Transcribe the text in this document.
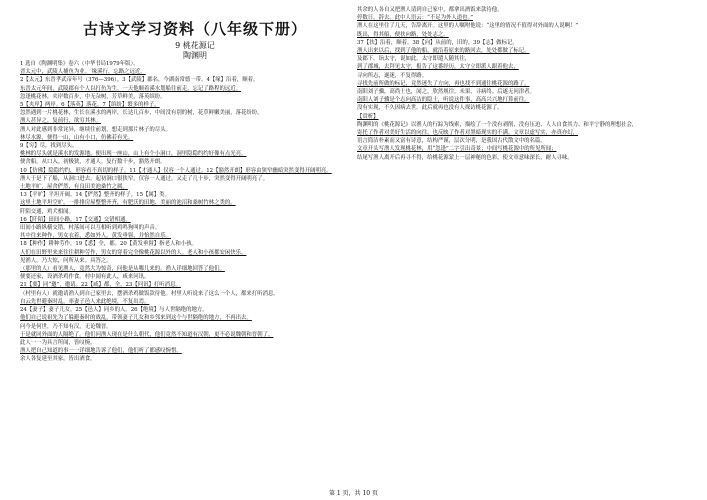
古诗文学习资料（八年级下册）
9 桃花源记
陶渊明
1 选自《陶渊明集》卷六（中华书局1979年版）。
晋太元中，武陵人捕鱼为业。 缘溪行，忘路之远近。
2【太元】东晋孝武帝年号（376—396）。3【武陵】郡名，今湖南常德一带。4【缘】沿着，顺着。
东晋太元年间，武陵郡有个人以打鱼为生。一天他顺着溪水划船往前走，忘记了路程的远近。
忽逢桃花林，夹岸数百步，中无杂树，芳草鲜美，落英缤纷。
5【夹岸】两岸。6【落英】落花。7【缤纷】繁多的样子。
忽然遇到一片桃花林，生长在溪水的两岸，长达几百步，中间没有别的树，花草鲜嫩美丽，落花纷纷。
渔人甚异之，复前行，欲穷其林。
渔人对此感到非常诧异，继续往前划，想走到那片林子的尽头。
林尽水源，便得一山，山有小口，仿佛若有光。
9【穷】尽，找到尽头。
桃林的尽头就是溪水的发源地，便出现一座山，山上有个小洞口，洞里隐隐约约好像有点光亮。
便舍船，从口入。初极狭，才通人。复行数十步，豁然开朗。
10【仿佛】隐隐约约，形容看不真切的样子。11【才通人】仅容一个人通过。12【豁然开朗】形容由狭窄幽暗突然变得开阔明亮。
渔人于是下了船，从洞口进去。起初洞口很狭窄，仅容一人通过。又走了几十步，突然变得开阔明亮了。
土地平旷，屋舍俨然，有良田美池桑竹之属。
13【平旷】平坦开阔。14【俨然】整齐的样子。15【属】类。
这里土地平坦空旷，一排排房屋整整齐齐，有肥沃的田地、美丽的池沼和桑树竹林之类的。
阡陌交通，鸡犬相闻。
16【阡陌】田间小路。17【交通】交错相通。
田间小路纵横交错，村落间可以互相听到鸡鸣狗叫的声音。
其中往来种作，男女衣着，悉如外人。黄发垂髫，并怡然自乐。
18【种作】耕种劳作。19【悉】全，都。20【黄发垂髫】指老人和小孩。
人们在田野里来来往往耕种劳作，男女的穿着完全像桃花源以外的人。老人和小孩都安闲快乐。
见渔人，乃大惊，问所从来。具答之。
（那里的人）看见渔人，竟然大为惊奇，问他是从哪儿来的。渔人详细地回答了他们。
便要还家，设酒杀鸡作食。村中闻有此人，咸来问讯。
21【要】同“邀”，邀请。22【咸】都，全。23【问讯】打听消息。
（村里有人）就邀请渔人到自己家里去，摆酒杀鸡做饭款待他。村里人听说来了这么一个人，都来打听消息。
自云先世避秦时乱，率妻子邑人来此绝境，不复出焉。
24【妻子】妻子儿女。25【邑人】同乡的人。26【绝境】与人世隔绝的地方。
他们自己说祖先为了躲避秦时的战乱，带领妻子儿女和乡邻来到这个与世隔绝的地方，不再出去。
问今是何世，乃不知有汉，无论魏晋。
于是就同外面的人隔绝了。他们问渔人现在是什么朝代，他们竟然不知道有汉朝，更不必说魏朝和晋朝了。
此人一一为具言所闻，皆叹惋。
渔人把自己知道的事一一详细地告诉了他们，他们听了都感叹惋惜。
余人各复延至其家，皆出酒食。
其余的人各自又把渔人请到自己家中，都拿出酒饭来款待他。
停数日，辞去。此中人语云：“不足为外人道也。”
渔人在这里住了几天，告辞离开。这里的人嘱咐他说：“这里的情况不值得对外面的人说啊！”
既出，得其船，便扶向路，处处志之。
37【扶】沿着，顺着。38【向】从前的，旧的。39【志】做标记。
渔人出来以后，找到了他的船，就沿着原来的路回去，处处都做了标记。
及郡下，诣太守，说如此。太守即遣人随其往，
到了郡城，去拜见太守，报告了这番经历。太守立即派人跟着他去，
寻向所志，遂迷，不复得路。
寻找先前所做的标记，竟然迷失了方向，再也找不到通往桃花源的路了。
南阳刘子骥，高尚士也，闻之，欣然规往。未果，寻病终。后遂无问津者。
南阳人刘子骥是个志向高洁的隐士，听说这件事，高高兴兴地打算前往。
没有实现，不久因病去世。此后就再也没有人探访桃花源了。
【赏析】
陶渊明的《桃花源记》以渔人的行踪为线索，描绘了一个没有剥削、没有压迫、人人自食其力、和平宁静的理想社会，
寄托了作者对美好生活的向往，也反映了作者对黑暗现实的不满。文章以虚写实，亦真亦幻，
语言简洁朴素而又富有诗意，结构严谨，层次分明，是我国古代散文中的名篇。
文章开头写渔人发现桃花林，用“忽逢”二字引出奇景；中间写桃花源中的所见所闻；
结尾写渔人离开后再寻不得，给桃花源蒙上一层神秘的色彩，使文章意味深长，耐人寻味。
第 1 页，共 10 页
